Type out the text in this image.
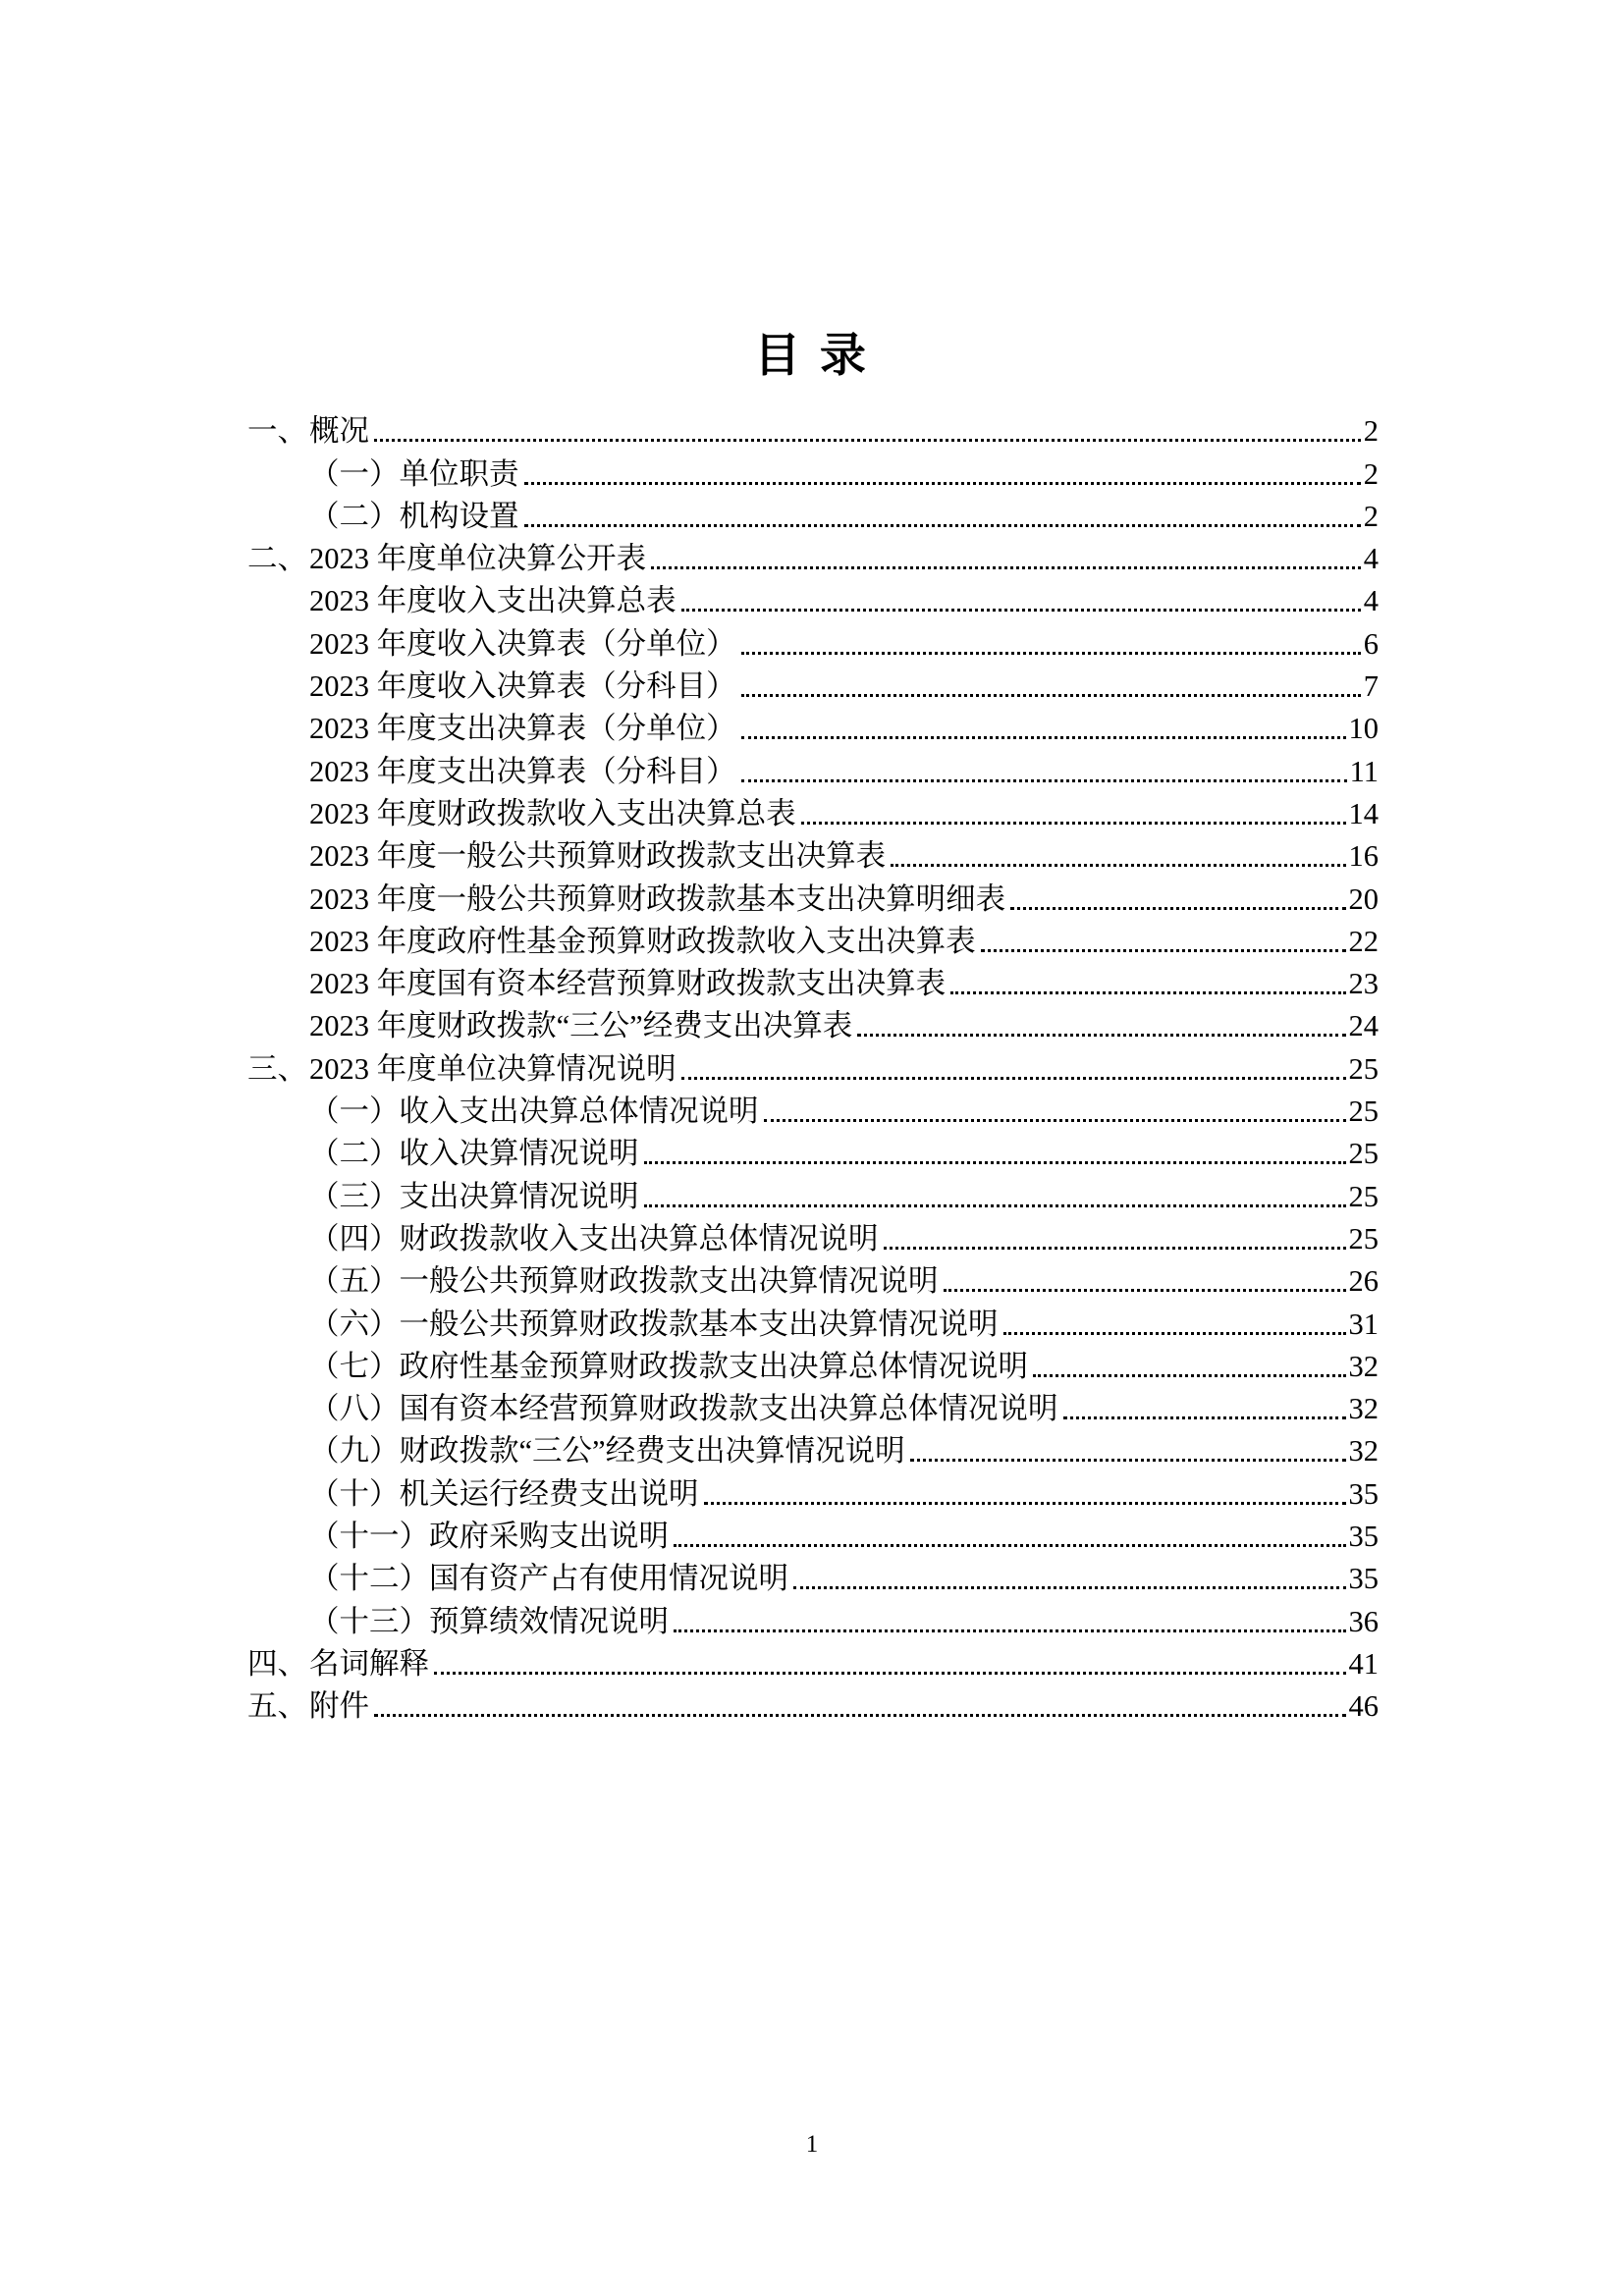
目 录
一、 概况	2
（一）单位职责	2
（二）机构设置	2
二、 2023 年度单位决算公开表	4
2023 年度收入支出决算总表	4
2023 年度收入决算表（分单位）	6
2023 年度收入决算表（分科目）	7
2023 年度支出决算表（分单位）	10
2023 年度支出决算表（分科目）	11
2023 年度财政拨款收入支出决算总表	14
2023 年度一般公共预算财政拨款支出决算表	16
2023 年度一般公共预算财政拨款基本支出决算明细表	20
2023 年度政府性基金预算财政拨款收入支出决算表	22
2023 年度国有资本经营预算财政拨款支出决算表	23
2023 年度财政拨款“三公”经费支出决算表	24
三、 2023 年度单位决算情况说明	25
（一）收入支出决算总体情况说明	25
（二）收入决算情况说明	25
（三）支出决算情况说明	25
（四）财政拨款收入支出决算总体情况说明	25
（五）一般公共预算财政拨款支出决算情况说明	26
（六）一般公共预算财政拨款基本支出决算情况说明	31
（七）政府性基金预算财政拨款支出决算总体情况说明	32
（八）国有资本经营预算财政拨款支出决算总体情况说明	32
（九）财政拨款“三公”经费支出决算情况说明	32
（十）机关运行经费支出说明	35
（十一）政府采购支出说明	35
（十二）国有资产占有使用情况说明	35
（十三）预算绩效情况说明	36
四、 名词解释	41
五、 附件	46
1
